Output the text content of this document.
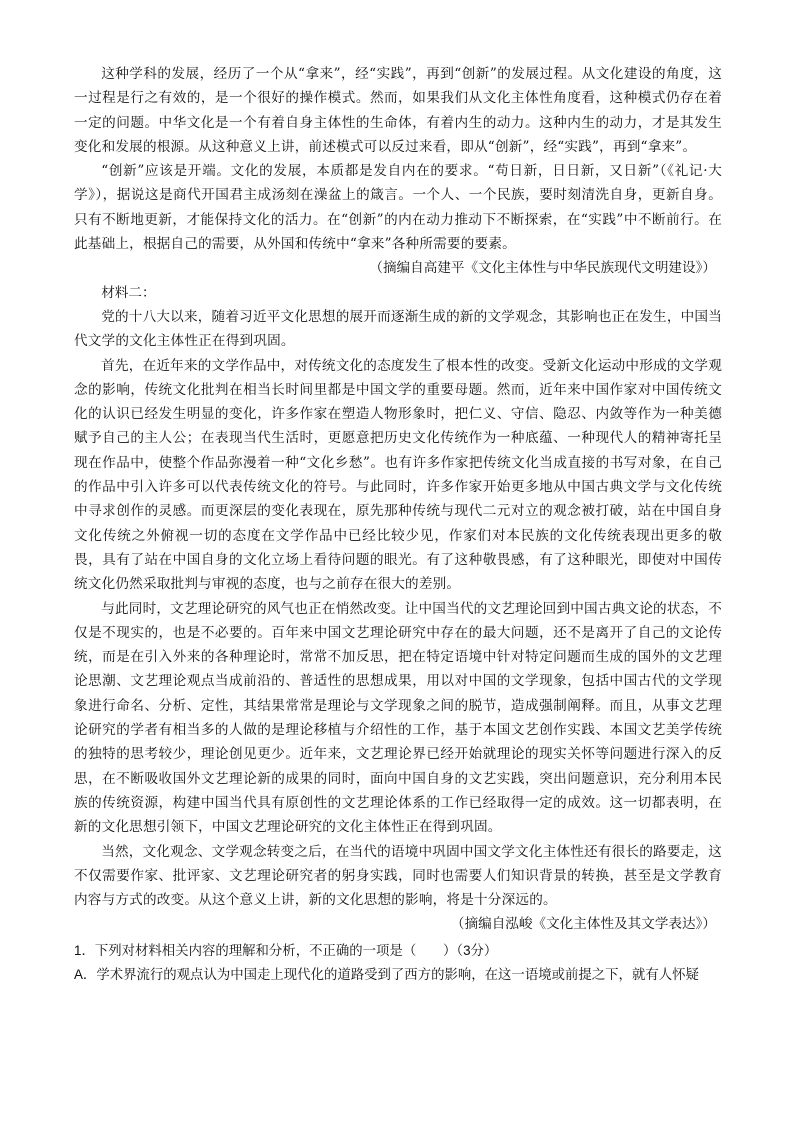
这种学科的发展，经历了一个从“拿来”，经“实践”，再到“创新”的发展过程。从文化建设的角度，这一过程是行之有效的，是一个很好的操作模式。然而，如果我们从文化主体性角度看，这种模式仍存在着一定的问题。中华文化是一个有着自身主体性的生命体，有着内生的动力。这种内生的动力，才是其发生变化和发展的根源。从这种意义上讲，前述模式可以反过来看，即从“创新”，经“实践”，再到“拿来”。

“创新”应该是开端。文化的发展，本质都是发自内在的要求。“苟日新，日日新，又日新”（《礼记·大学》），据说这是商代开国君主成汤刻在澡盆上的箴言。一个人、一个民族，要时刻清洗自身，更新自身。只有不断地更新，才能保持文化的活力。在“创新”的内在动力推动下不断探索，在“实践”中不断前行。在此基础上，根据自己的需要，从外国和传统中“拿来”各种所需要的要素。

（摘编自高建平《文化主体性与中华民族现代文明建设》）

材料二：

党的十八大以来，随着习近平文化思想的展开而逐渐生成的新的文学观念，其影响也正在发生，中国当代文学的文化主体性正在得到巩固。

首先，在近年来的文学作品中，对传统文化的态度发生了根本性的改变。受新文化运动中形成的文学观念的影响，传统文化批判在相当长时间里都是中国文学的重要母题。然而，近年来中国作家对中国传统文化的认识已经发生明显的变化，许多作家在塑造人物形象时，把仁义、守信、隐忍、内敛等作为一种美德赋予自己的主人公；在表现当代生活时，更愿意把历史文化传统作为一种底蕴、一种现代人的精神寄托呈现在作品中，使整个作品弥漫着一种“文化乡愁”。也有许多作家把传统文化当成直接的书写对象，在自己的作品中引入许多可以代表传统文化的符号。与此同时，许多作家开始更多地从中国古典文学与文化传统中寻求创作的灵感。而更深层的变化表现在，原先那种传统与现代二元对立的观念被打破，站在中国自身文化传统之外俯视一切的态度在文学作品中已经比较少见，作家们对本民族的文化传统表现出更多的敬畏，具有了站在中国自身的文化立场上看待问题的眼光。有了这种敬畏感，有了这种眼光，即使对中国传统文化仍然采取批判与审视的态度，也与之前存在很大的差别。

与此同时，文艺理论研究的风气也正在悄然改变。让中国当代的文艺理论回到中国古典文论的状态，不仅是不现实的，也是不必要的。百年来中国文艺理论研究中存在的最大问题，还不是离开了自己的文论传统，而是在引入外来的各种理论时，常常不加反思，把在特定语境中针对特定问题而生成的国外的文艺理论思潮、文艺理论观点当成前沿的、普适性的思想成果，用以对中国的文学现象，包括中国古代的文学现象进行命名、分析、定性，其结果常常是理论与文学现象之间的脱节，造成强制阐释。而且，从事文艺理论研究的学者有相当多的人做的是理论移植与介绍性的工作，基于本国文艺创作实践、本国文艺美学传统的独特的思考较少，理论创见更少。近年来，文艺理论界已经开始就理论的现实关怀等问题进行深入的反思，在不断吸收国外文艺理论新的成果的同时，面向中国自身的文艺实践，突出问题意识，充分利用本民族的传统资源，构建中国当代具有原创性的文艺理论体系的工作已经取得一定的成效。这一切都表明，在新的文化思想引领下，中国文艺理论研究的文化主体性正在得到巩固。

当然，文化观念、文学观念转变之后，在当代的语境中巩固中国文学文化主体性还有很长的路要走，这不仅需要作家、批评家、文艺理论研究者的躬身实践，同时也需要人们知识背景的转换，甚至是文学教育内容与方式的改变。从这个意义上讲，新的文化思想的影响，将是十分深远的。

（摘编自泓峻《文化主体性及其文学表达》）

1．下列对材料相关内容的理解和分析，不正确的一项是（　　）（3分）

A．学术界流行的观点认为中国走上现代化的道路受到了西方的影响，在这一语境或前提之下，就有人怀疑
